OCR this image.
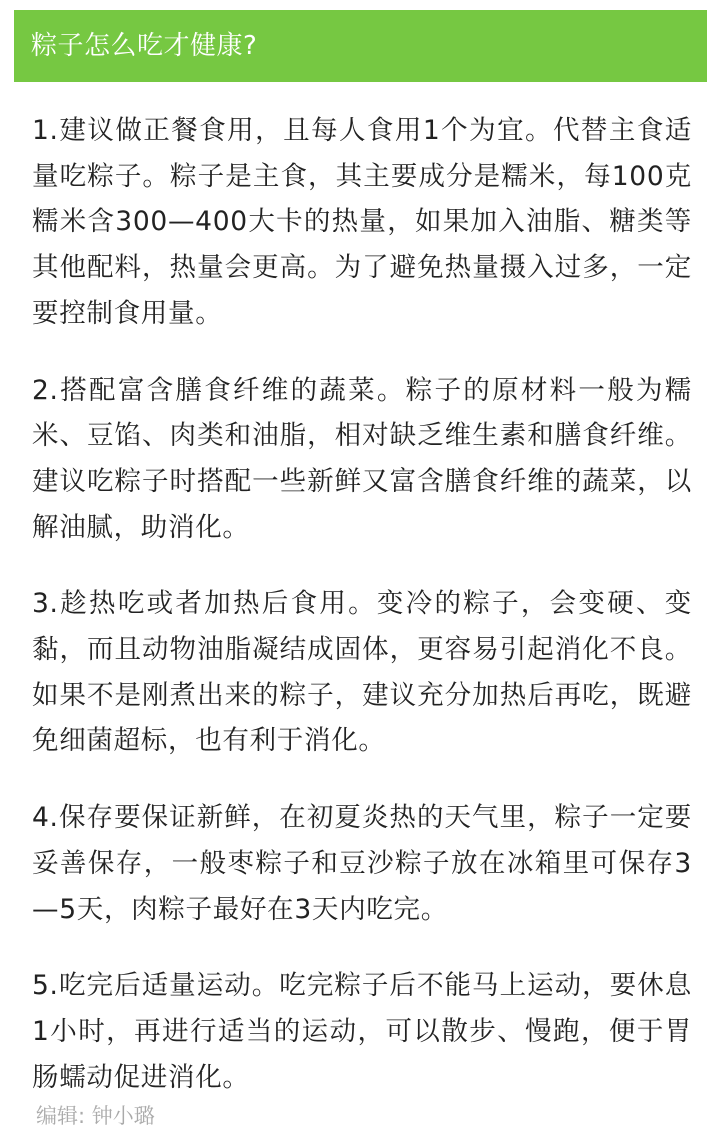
粽子怎么吃才健康?

1.建议做正餐食用，且每人食用1个为宜。代替主食适量吃粽子。粽子是主食，其主要成分是糯米，每100克糯米含300—400大卡的热量，如果加入油脂、糖类等其他配料，热量会更高。为了避免热量摄入过多，一定要控制食用量。

2.搭配富含膳食纤维的蔬菜。粽子的原材料一般为糯米、豆馅、肉类和油脂，相对缺乏维生素和膳食纤维。建议吃粽子时搭配一些新鲜又富含膳食纤维的蔬菜，以解油腻，助消化。

3.趁热吃或者加热后食用。变冷的粽子，会变硬、变黏，而且动物油脂凝结成固体，更容易引起消化不良。如果不是刚煮出来的粽子，建议充分加热后再吃，既避免细菌超标，也有利于消化。

4.保存要保证新鲜，在初夏炎热的天气里，粽子一定要妥善保存，一般枣粽子和豆沙粽子放在冰箱里可保存3—5天，肉粽子最好在3天内吃完。

5.吃完后适量运动。吃完粽子后不能马上运动，要休息1小时，再进行适当的运动，可以散步、慢跑，便于胃肠蠕动促进消化。

编辑: 钟小璐
